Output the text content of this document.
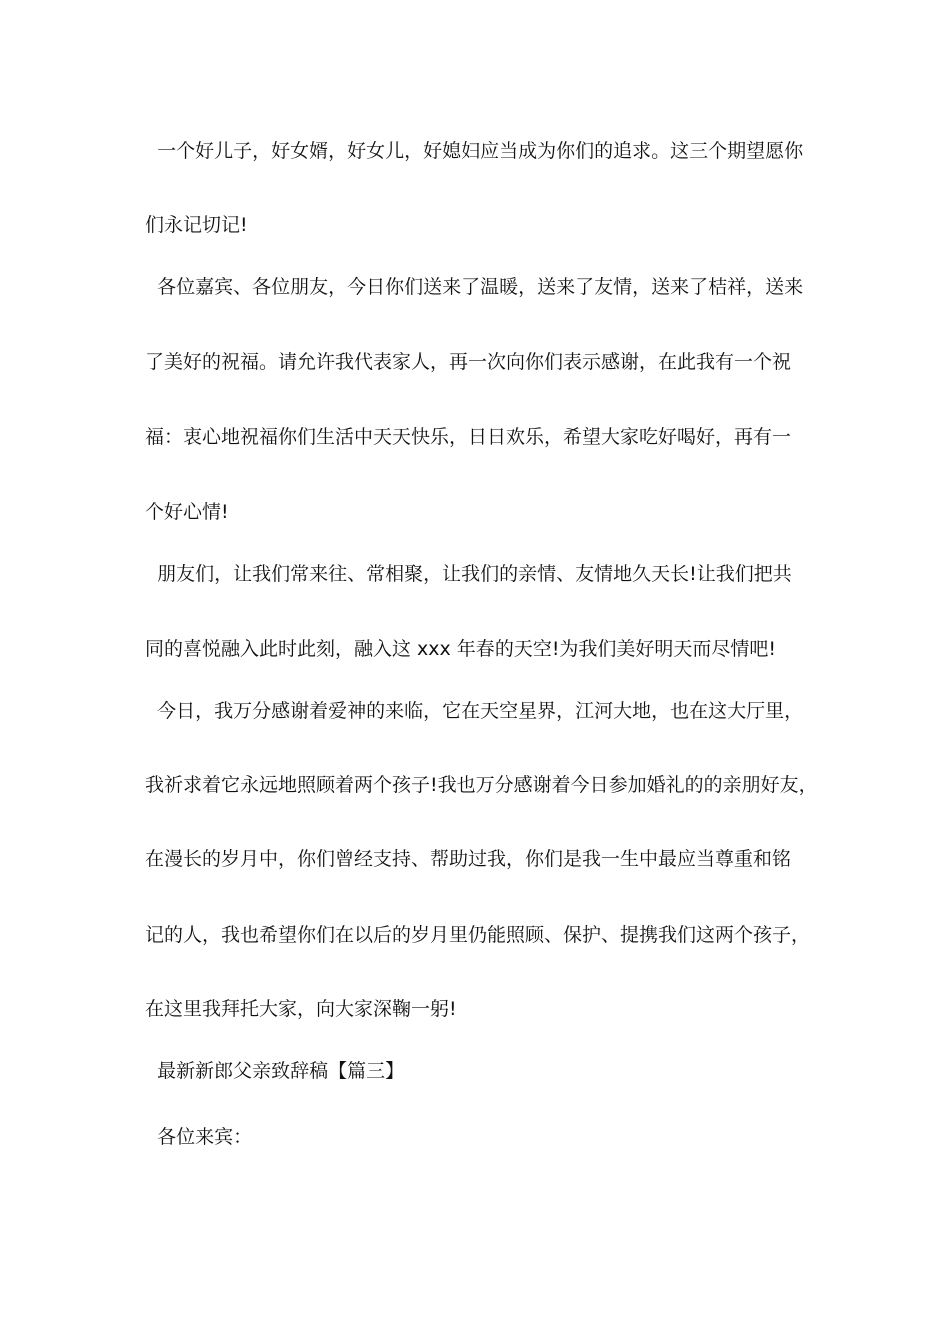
一个好儿子，好女婿，好女儿，好媳妇应当成为你们的追求。这三个期望愿你
们永记切记!
各位嘉宾、各位朋友，今日你们送来了温暖，送来了友情，送来了桔祥，送来
了美好的祝福。请允许我代表家人，再一次向你们表示感谢，在此我有一个祝
福：衷心地祝福你们生活中天天快乐，日日欢乐，希望大家吃好喝好，再有一
个好心情!
朋友们，让我们常来往、常相聚，让我们的亲情、友情地久天长!让我们把共
同的喜悦融入此时此刻，融入这 xxx 年春的天空!为我们美好明天而尽情吧!
今日，我万分感谢着爱神的来临，它在天空星界，江河大地，也在这大厅里，
我祈求着它永远地照顾着两个孩子!我也万分感谢着今日参加婚礼的的亲朋好友，
在漫长的岁月中，你们曾经支持、帮助过我，你们是我一生中最应当尊重和铭
记的人，我也希望你们在以后的岁月里仍能照顾、保护、提携我们这两个孩子，
在这里我拜托大家，向大家深鞠一躬!
最新新郎父亲致辞稿【篇三】
各位来宾：
